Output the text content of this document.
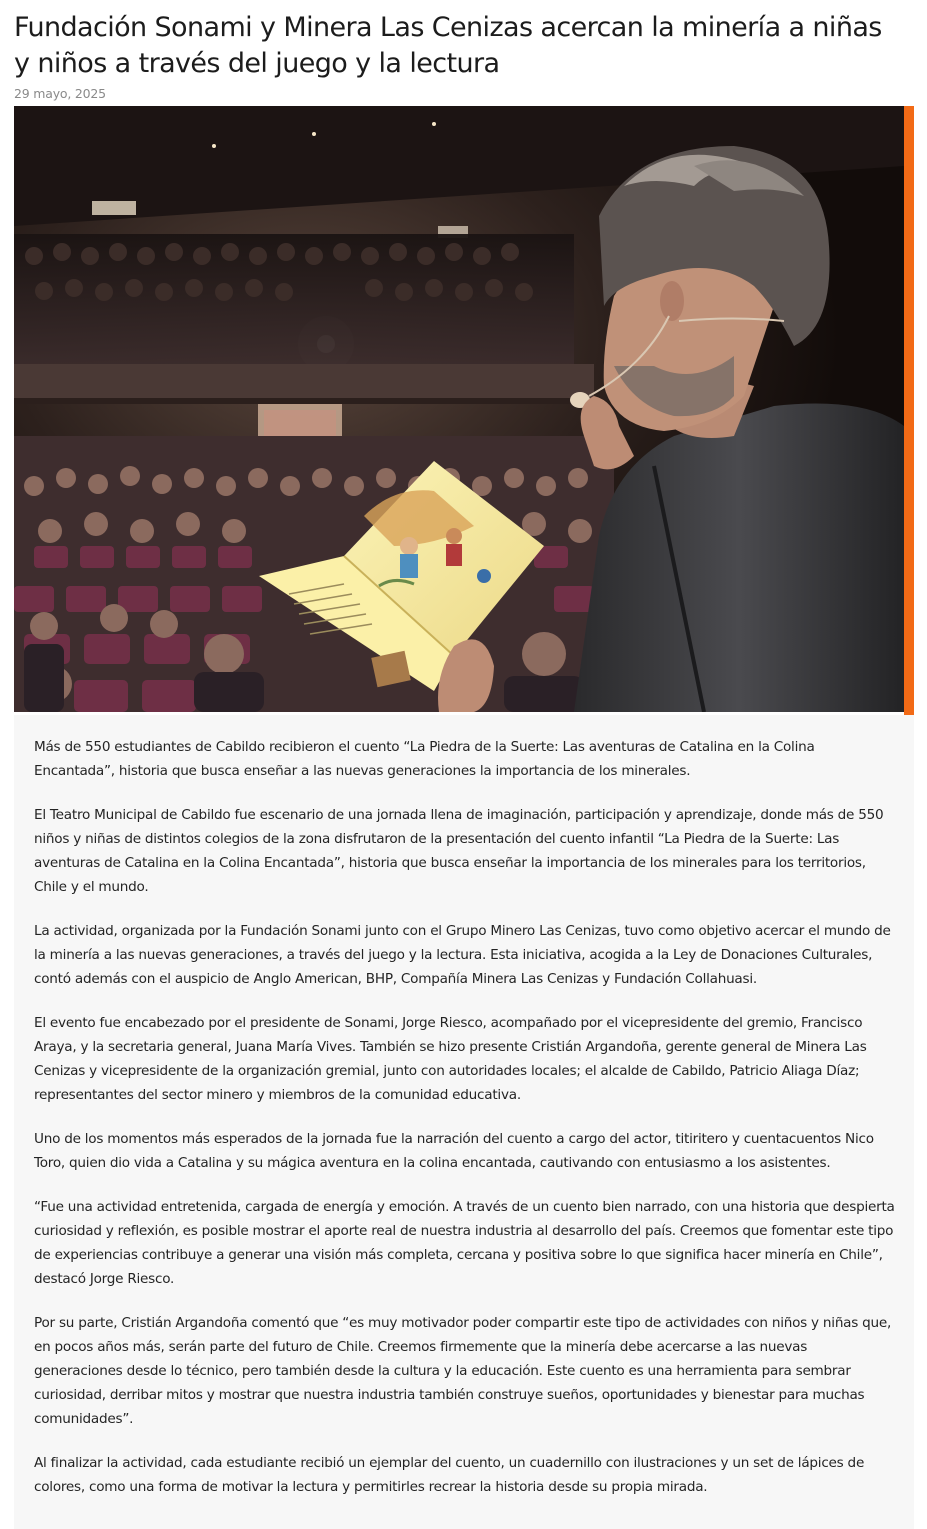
Fundación Sonami y Minera Las Cenizas acercan la minería a niñas y niños a través del juego y la lectura
29 mayo, 2025

Más de 550 estudiantes de Cabildo recibieron el cuento “La Piedra de la Suerte: Las aventuras de Catalina en la Colina Encantada”, historia que busca enseñar a las nuevas generaciones la importancia de los minerales.

El Teatro Municipal de Cabildo fue escenario de una jornada llena de imaginación, participación y aprendizaje, donde más de 550 niños y niñas de distintos colegios de la zona disfrutaron de la presentación del cuento infantil “La Piedra de la Suerte: Las aventuras de Catalina en la Colina Encantada”, historia que busca enseñar la importancia de los minerales para los territorios, Chile y el mundo.

La actividad, organizada por la Fundación Sonami junto con el Grupo Minero Las Cenizas, tuvo como objetivo acercar el mundo de la minería a las nuevas generaciones, a través del juego y la lectura. Esta iniciativa, acogida a la Ley de Donaciones Culturales, contó además con el auspicio de Anglo American, BHP, Compañía Minera Las Cenizas y Fundación Collahuasi.

El evento fue encabezado por el presidente de Sonami, Jorge Riesco, acompañado por el vicepresidente del gremio, Francisco Araya, y la secretaria general, Juana María Vives. También se hizo presente Cristián Argandoña, gerente general de Minera Las Cenizas y vicepresidente de la organización gremial, junto con autoridades locales; el alcalde de Cabildo, Patricio Aliaga Díaz; representantes del sector minero y miembros de la comunidad educativa.

Uno de los momentos más esperados de la jornada fue la narración del cuento a cargo del actor, titiritero y cuentacuentos Nico Toro, quien dio vida a Catalina y su mágica aventura en la colina encantada, cautivando con entusiasmo a los asistentes.

“Fue una actividad entretenida, cargada de energía y emoción. A través de un cuento bien narrado, con una historia que despierta curiosidad y reflexión, es posible mostrar el aporte real de nuestra industria al desarrollo del país. Creemos que fomentar este tipo de experiencias contribuye a generar una visión más completa, cercana y positiva sobre lo que significa hacer minería en Chile”, destacó Jorge Riesco.

Por su parte, Cristián Argandoña comentó que “es muy motivador poder compartir este tipo de actividades con niños y niñas que, en pocos años más, serán parte del futuro de Chile. Creemos firmemente que la minería debe acercarse a las nuevas generaciones desde lo técnico, pero también desde la cultura y la educación. Este cuento es una herramienta para sembrar curiosidad, derribar mitos y mostrar que nuestra industria también construye sueños, oportunidades y bienestar para muchas comunidades”.

Al finalizar la actividad, cada estudiante recibió un ejemplar del cuento, un cuadernillo con ilustraciones y un set de lápices de colores, como una forma de motivar la lectura y permitirles recrear la historia desde su propia mirada.
